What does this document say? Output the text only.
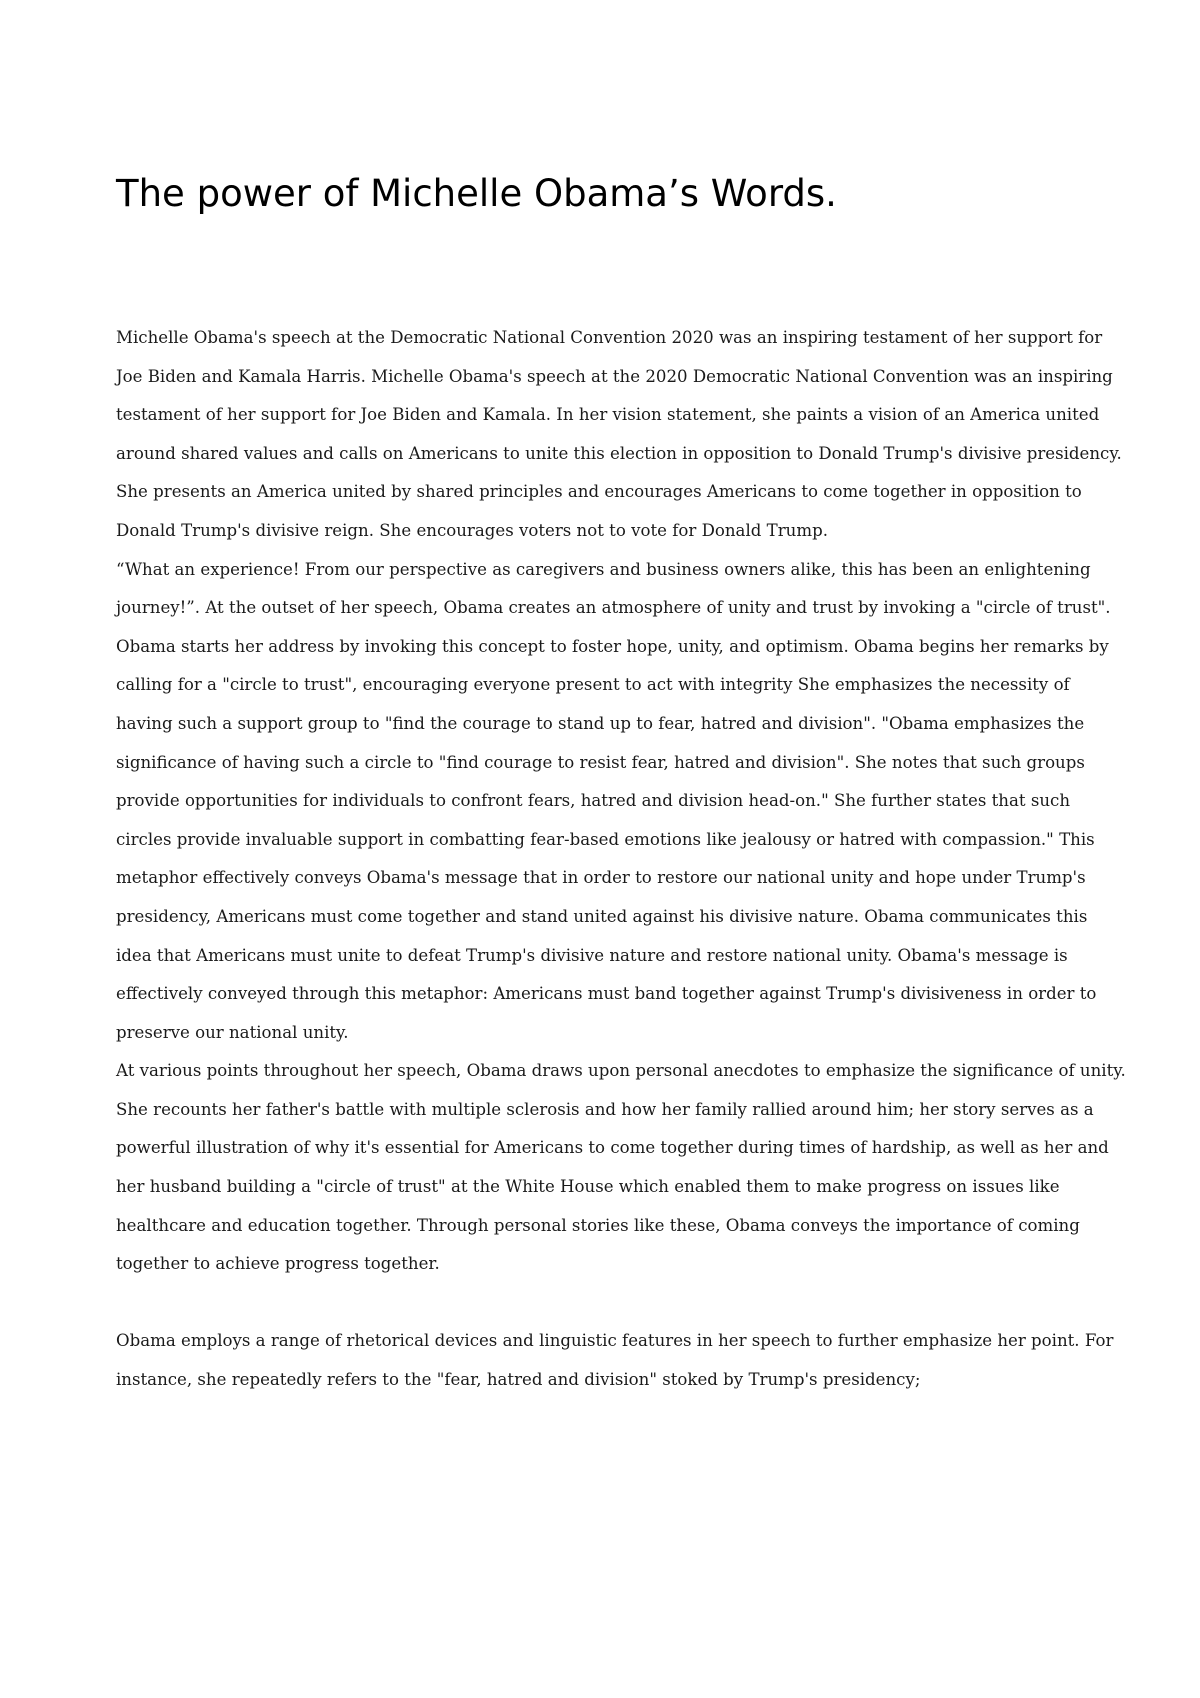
The power of Michelle Obama’s Words.

Michelle Obama's speech at the Democratic National Convention 2020 was an inspiring testament of her support for Joe Biden and Kamala Harris. Michelle Obama's speech at the 2020 Democratic National Convention was an inspiring testament of her support for Joe Biden and Kamala. In her vision statement, she paints a vision of an America united around shared values and calls on Americans to unite this election in opposition to Donald Trump's divisive presidency. She presents an America united by shared principles and encourages Americans to come together in opposition to Donald Trump's divisive reign. She encourages voters not to vote for Donald Trump.

“What an experience! From our perspective as caregivers and business owners alike, this has been an enlightening journey!”. At the outset of her speech, Obama creates an atmosphere of unity and trust by invoking a "circle of trust". Obama starts her address by invoking this concept to foster hope, unity, and optimism. Obama begins her remarks by calling for a "circle to trust", encouraging everyone present to act with integrity She emphasizes the necessity of having such a support group to "find the courage to stand up to fear, hatred and division". "Obama emphasizes the significance of having such a circle to "find courage to resist fear, hatred and division". She notes that such groups provide opportunities for individuals to confront fears, hatred and division head-on." She further states that such circles provide invaluable support in combatting fear-based emotions like jealousy or hatred with compassion." This metaphor effectively conveys Obama's message that in order to restore our national unity and hope under Trump's presidency, Americans must come together and stand united against his divisive nature. Obama communicates this idea that Americans must unite to defeat Trump's divisive nature and restore national unity. Obama's message is effectively conveyed through this metaphor: Americans must band together against Trump's divisiveness in order to preserve our national unity.

At various points throughout her speech, Obama draws upon personal anecdotes to emphasize the significance of unity. She recounts her father's battle with multiple sclerosis and how her family rallied around him; her story serves as a powerful illustration of why it's essential for Americans to come together during times of hardship, as well as her and her husband building a "circle of trust" at the White House which enabled them to make progress on issues like healthcare and education together. Through personal stories like these, Obama conveys the importance of coming together to achieve progress together.

Obama employs a range of rhetorical devices and linguistic features in her speech to further emphasize her point. For instance, she repeatedly refers to the "fear, hatred and division" stoked by Trump's presidency;
